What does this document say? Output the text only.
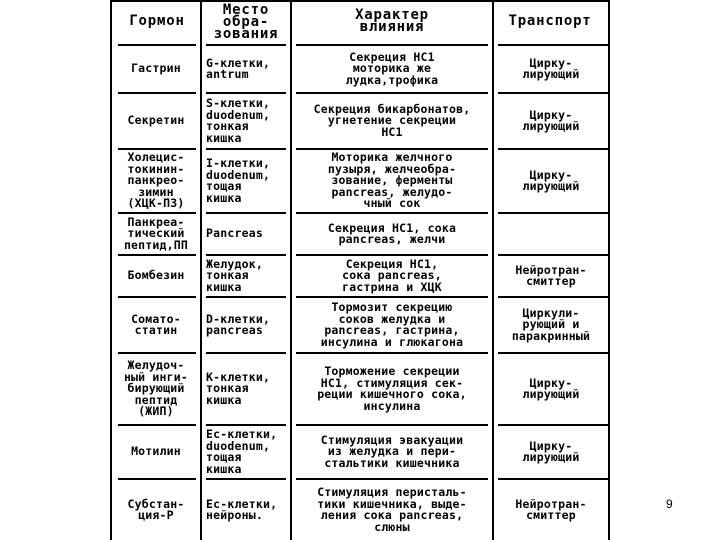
Гормон
Место
обра-
зования
Характер
влияния	Транспорт
Гастрин G-клетки,
antrum
Секреция НС1
моторика же
лудка,трофика
Цирку-
лирующий
Секретин
S-клетки,
duodenum,
тонкая
кишка
Секреция бикарбонатов,
угнетение секреции
НС1
Цирку-
лирующий
Холецис-
токинин-
панкрео-
зимин
(ХЦК-ПЗ)
I-клетки,
duodenum,
тощая
кишка
Моторика желчного
пузыря, желчеобра-
зование, ферменты
pancreas, желудо-
чный сок
Цирку-
лирующий
Панкреа-
тический
пептид,ПП
Pancreas	Секреция НС1, сока
pancreas, желчи
Бомбезин
Желудок,
тонкая
кишка
Секреция НС1,
сока pancreas,
гастрина и ХЦК
Нейротран-
смиттер
Сомато-
статин
D-клетки,
pancreas
Тормозит секрецию
соков желудка и
pancreas, гастрина,
инсулина и глюкагона
Циркули-
рующий и
паракринный
Желудоч-
ный инги-
бирующий
пептид
(ЖИП)
К-клетки,
тонкая
кишка
Торможение секреции
НС1, стимуляция сек-
реции кишечного сока,
инсулина
Цирку-
лирующий
Мотилин
Ес-клетки,
duodenum,
тощая
кишка
Стимуляция эвакуации
из желудка и пери-
стальтики кишечника
Цирку-
лирующий
Субстан-
ция-Р
Ес-клетки,
нейроны.
Стимуляция перисталь-
тики кишечника, выде-
ления сока pancreas,
слюны
Нейротран-
смиттер
9
